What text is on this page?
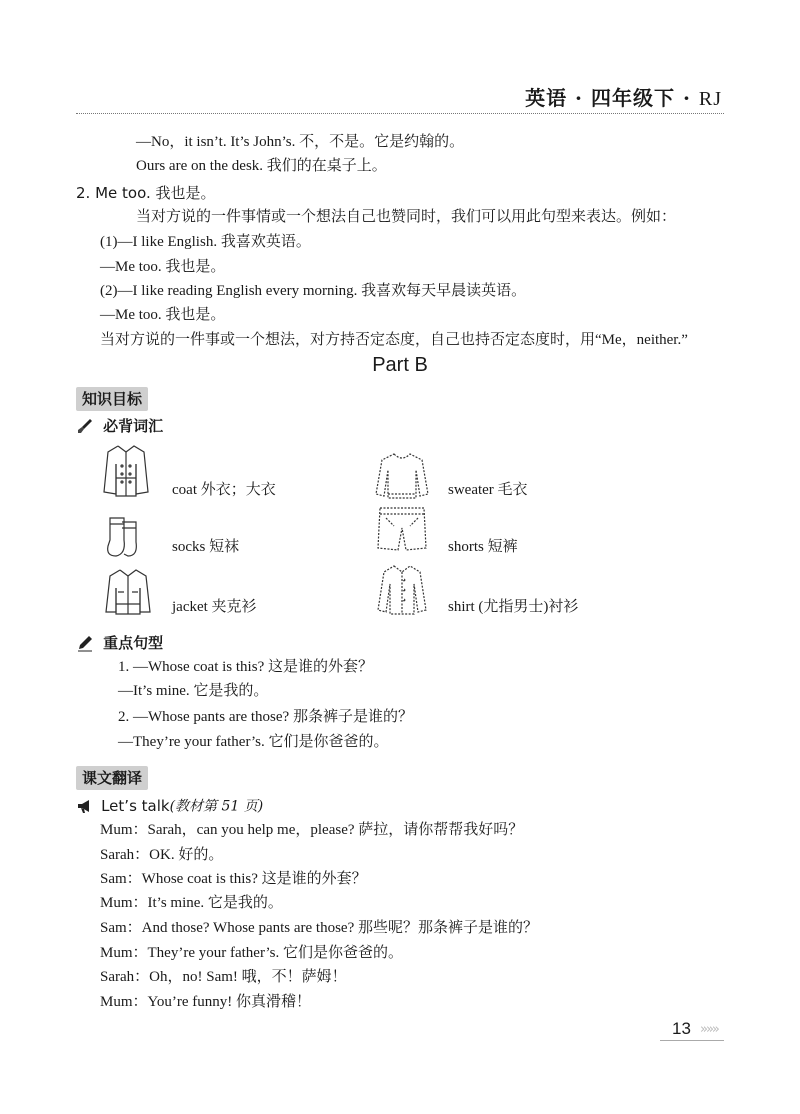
英语 · 四年级下 · RJ
—No，it isn’t. It’s John’s. 不，不是。它是约翰的。
Ours are on the desk. 我们的在桌子上。
2. Me too. 我也是。
当对方说的一件事情或一个想法自己也赞同时，我们可以用此句型来表达。例如：
(1)—I like English. 我喜欢英语。
—Me too. 我也是。
(2)—I like reading English every morning. 我喜欢每天早晨读英语。
—Me too. 我也是。
当对方说的一件事或一个想法，对方持否定态度，自己也持否定态度时，用“Me，neither.”
Part B
知识目标
必背词汇
coat 外衣；大衣	sweater 毛衣
socks 短袜	shorts 短裤
jacket 夹克衫	shirt (尤指男士)衬衫
重点句型
1. —Whose coat is this? 这是谁的外套？
—It’s mine. 它是我的。
2. —Whose pants are those? 那条裤子是谁的？
—They’re your father’s. 它们是你爸爸的。
课文翻译
Let’s talk(教材第 51 页)
Mum：Sarah，can you help me，please? 萨拉，请你帮帮我好吗？
Sarah：OK. 好的。
Sam：Whose coat is this? 这是谁的外套？
Mum：It’s mine. 它是我的。
Sam：And those? Whose pants are those? 那些呢？那条裤子是谁的？
Mum：They’re your father’s. 它们是你爸爸的。
Sarah：Oh，no! Sam! 哦，不！萨姆！
Mum：You’re funny! 你真滑稽！
13 »»»
